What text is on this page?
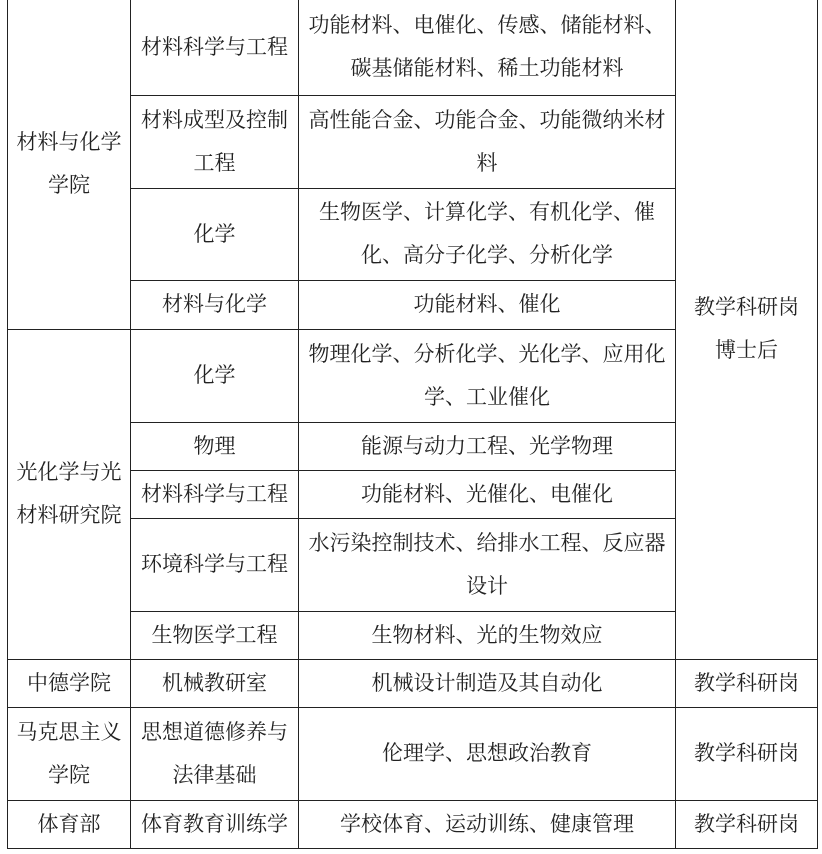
材料与化学学院	材料科学与工程	功能材料、电催化、传感、储能材料、碳基储能材料、稀土功能材料	教学科研岗博士后
	材料成型及控制工程	高性能合金、功能合金、功能微纳米材料	
	化学	生物医学、计算化学、有机化学、催化、高分子化学、分析化学	
	材料与化学	功能材料、催化	
光化学与光材料研究院	化学	物理化学、分析化学、光化学、应用化学、工业催化	
	物理	能源与动力工程、光学物理	
	材料科学与工程	功能材料、光催化、电催化	
	环境科学与工程	水污染控制技术、给排水工程、反应器设计	
	生物医学工程	生物材料、光的生物效应	
中德学院	机械教研室	机械设计制造及其自动化	教学科研岗
马克思主义学院	思想道德修养与法律基础	伦理学、思想政治教育	教学科研岗
体育部	体育教育训练学	学校体育、运动训练、健康管理	教学科研岗
